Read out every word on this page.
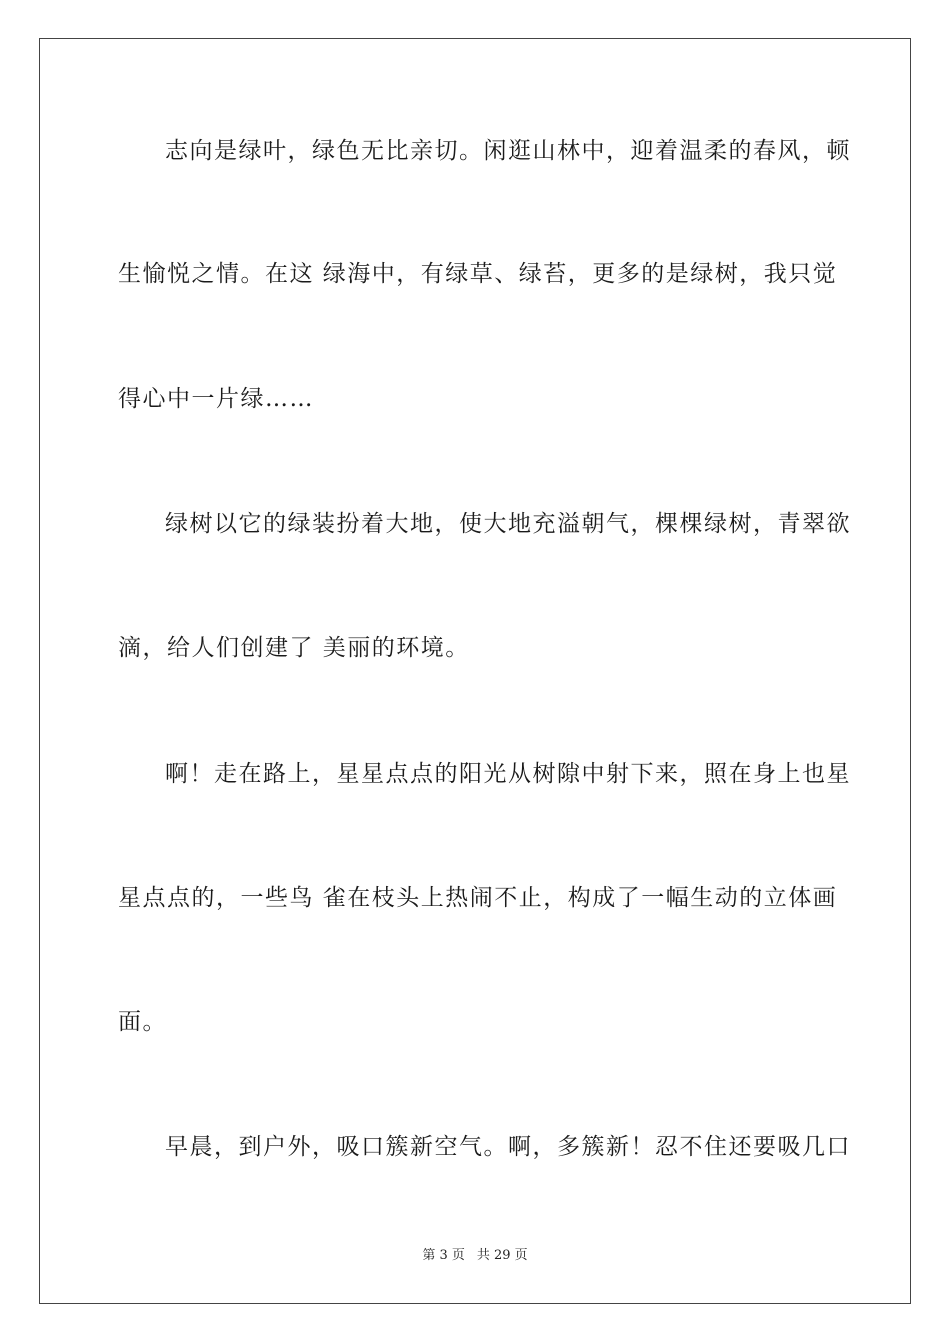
志向是绿叶，绿色无比亲切。闲逛山林中，迎着温柔的春风，顿
生愉悦之情。在这 绿海中，有绿草、绿苔，更多的是绿树，我只觉
得心中一片绿……
绿树以它的绿装扮着大地，使大地充溢朝气，棵棵绿树，青翠欲
滴，给人们创建了 美丽的环境。
啊！走在路上，星星点点的阳光从树隙中射下来，照在身上也星
星点点的，一些鸟 雀在枝头上热闹不止，构成了一幅生动的立体画
面。
早晨，到户外，吸口簇新空气。啊，多簇新！忍不住还要吸几口
第 3 页 共 29 页
